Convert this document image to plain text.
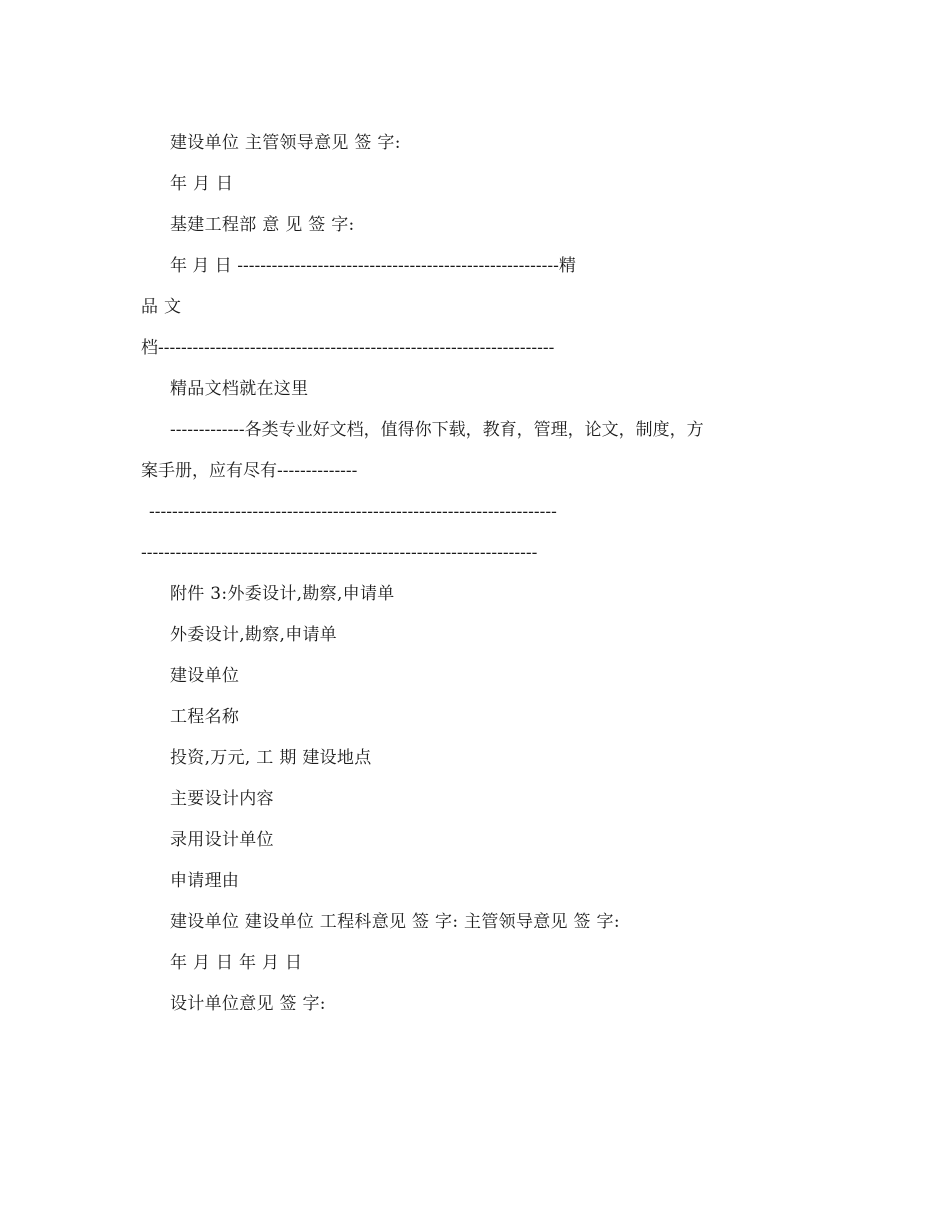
建设单位 主管领导意见 签 字:
年 月 日
基建工程部 意 见 签 字:
年 月 日 --------------------------------------------------------精
品 文
档---------------------------------------------------------------------
精品文档就在这里
-------------各类专业好文档，值得你下载，教育，管理，论文，制度，方
案手册，应有尽有--------------
-----------------------------------------------------------------------
---------------------------------------------------------------------
附件 3:外委设计,勘察,申请单
外委设计,勘察,申请单
建设单位
工程名称
投资,万元, 工 期 建设地点
主要设计内容
录用设计单位
申请理由
建设单位 建设单位 工程科意见 签 字: 主管领导意见 签 字:
年 月 日 年 月 日
设计单位意见 签 字:
